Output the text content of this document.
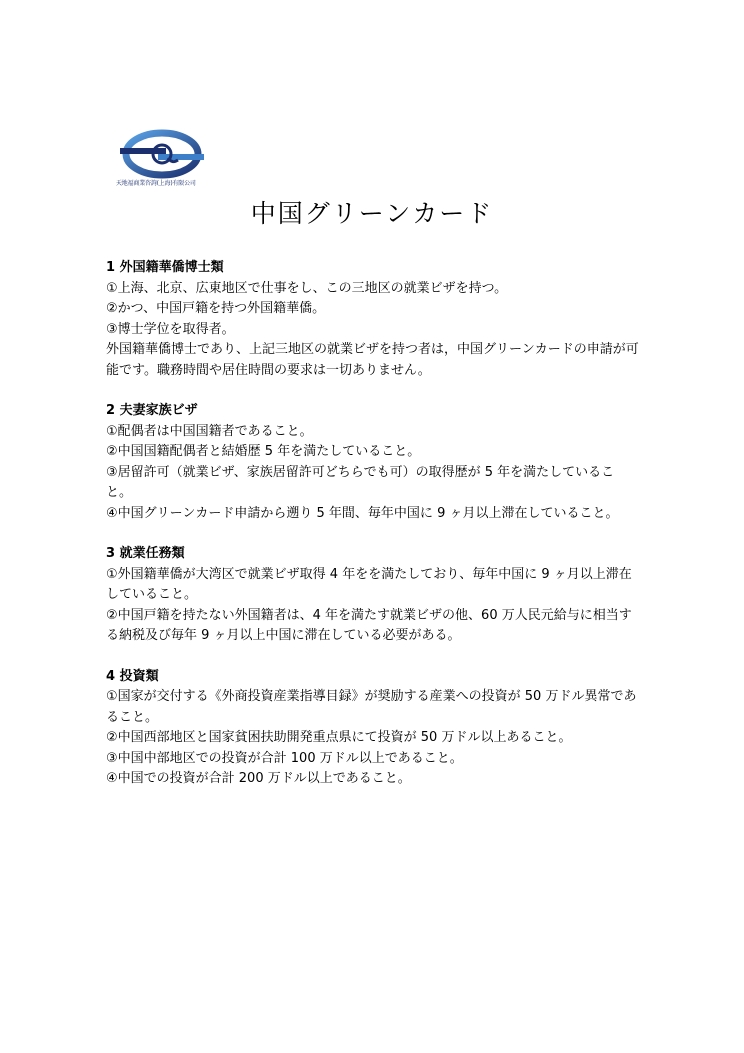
天地福商業咨詢(上海)有限公司
中国グリーンカード
1 外国籍華僑博士類

①上海、北京、広東地区で仕事をし、この三地区の就業ビザを持つ。

②かつ、中国戸籍を持つ外国籍華僑。

③博士学位を取得者。

外国籍華僑博士であり、上記三地区の就業ビザを持つ者は，中国グリーンカードの申請が可能です。職務時間や居住時間の要求は一切ありません。

2 夫妻家族ビザ

①配偶者は中国国籍者であること。

②中国国籍配偶者と結婚歴 5 年を満たしていること。

③居留許可（就業ビザ、家族居留許可どちらでも可）の取得歴が 5 年を満たしていること。

④中国グリーンカード申請から遡り 5 年間、毎年中国に 9 ヶ月以上滞在していること。

3 就業任務類

①外国籍華僑が大湾区で就業ビザ取得 4 年をを満たしており、毎年中国に 9 ヶ月以上滞在していること。

②中国戸籍を持たない外国籍者は、4 年を満たす就業ビザの他、60 万人民元給与に相当する納税及び毎年 9 ヶ月以上中国に滞在している必要がある。

4 投資類

①国家が交付する《外商投資産業指導目録》が奨励する産業への投資が 50 万ドル異常であること。

②中国西部地区と国家貧困扶助開発重点県にて投資が 50 万ドル以上あること。

③中国中部地区での投資が合計 100 万ドル以上であること。

④中国での投資が合計 200 万ドル以上であること。
